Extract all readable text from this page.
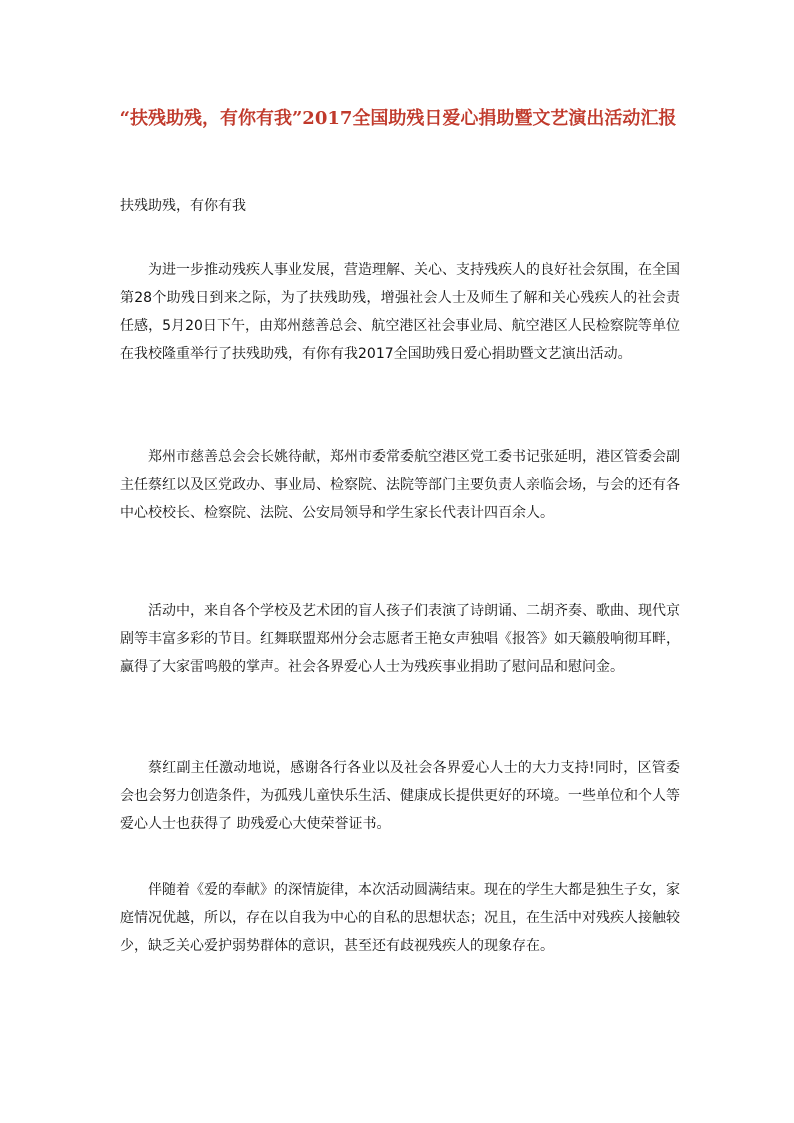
“扶残助残，有你有我”2017全国助残日爱心捐助暨文艺演出活动汇报

扶残助残，有你有我

为进一步推动残疾人事业发展，营造理解、关心、支持残疾人的良好社会氛围，在全国第28个助残日到来之际，为了扶残助残，增强社会人士及师生了解和关心残疾人的社会责任感，5月20日下午，由郑州慈善总会、航空港区社会事业局、航空港区人民检察院等单位在我校隆重举行了扶残助残，有你有我2017全国助残日爱心捐助暨文艺演出活动。

郑州市慈善总会会长姚待献，郑州市委常委航空港区党工委书记张延明，港区管委会副主任蔡红以及区党政办、事业局、检察院、法院等部门主要负责人亲临会场，与会的还有各中心校校长、检察院、法院、公安局领导和学生家长代表计四百余人。

活动中，来自各个学校及艺术团的盲人孩子们表演了诗朗诵、二胡齐奏、歌曲、现代京剧等丰富多彩的节目。红舞联盟郑州分会志愿者王艳女声独唱《报答》如天籁般响彻耳畔，赢得了大家雷鸣般的掌声。社会各界爱心人士为残疾事业捐助了慰问品和慰问金。

蔡红副主任激动地说，感谢各行各业以及社会各界爱心人士的大力支持!同时，区管委会也会努力创造条件，为孤残儿童快乐生活、健康成长提供更好的环境。一些单位和个人等爱心人士也获得了 助残爱心大使荣誉证书。

伴随着《爱的奉献》的深情旋律，本次活动圆满结束。现在的学生大都是独生子女，家庭情况优越，所以，存在以自我为中心的自私的思想状态；况且，在生活中对残疾人接触较少，缺乏关心爱护弱势群体的意识，甚至还有歧视残疾人的现象存在。
